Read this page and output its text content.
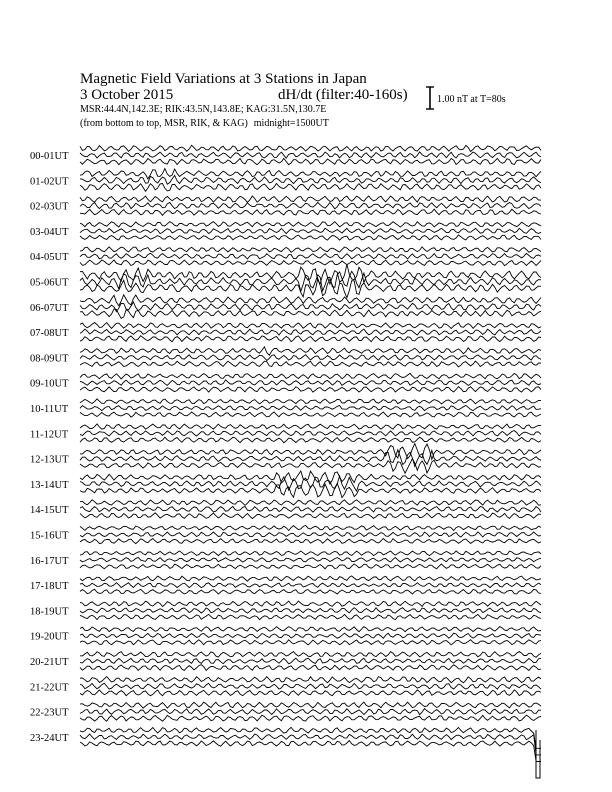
Magnetic Field Variations at 3 Stations in Japan
3 October 2015	dH/dt (filter:40-160s)
MSR:44.4N,142.3E; RIK:43.5N,143.8E; KAG:31.5N,130.7E
(from bottom to top, MSR, RIK, & KAG) midnight=1500UT
1.00 nT at T=80s
00-01UT
01-02UT
02-03UT
03-04UT
04-05UT
05-06UT
06-07UT
07-08UT
08-09UT
09-10UT
10-11UT
11-12UT
12-13UT
13-14UT
14-15UT
15-16UT
16-17UT
17-18UT
18-19UT
19-20UT
20-21UT
21-22UT
22-23UT
23-24UT
